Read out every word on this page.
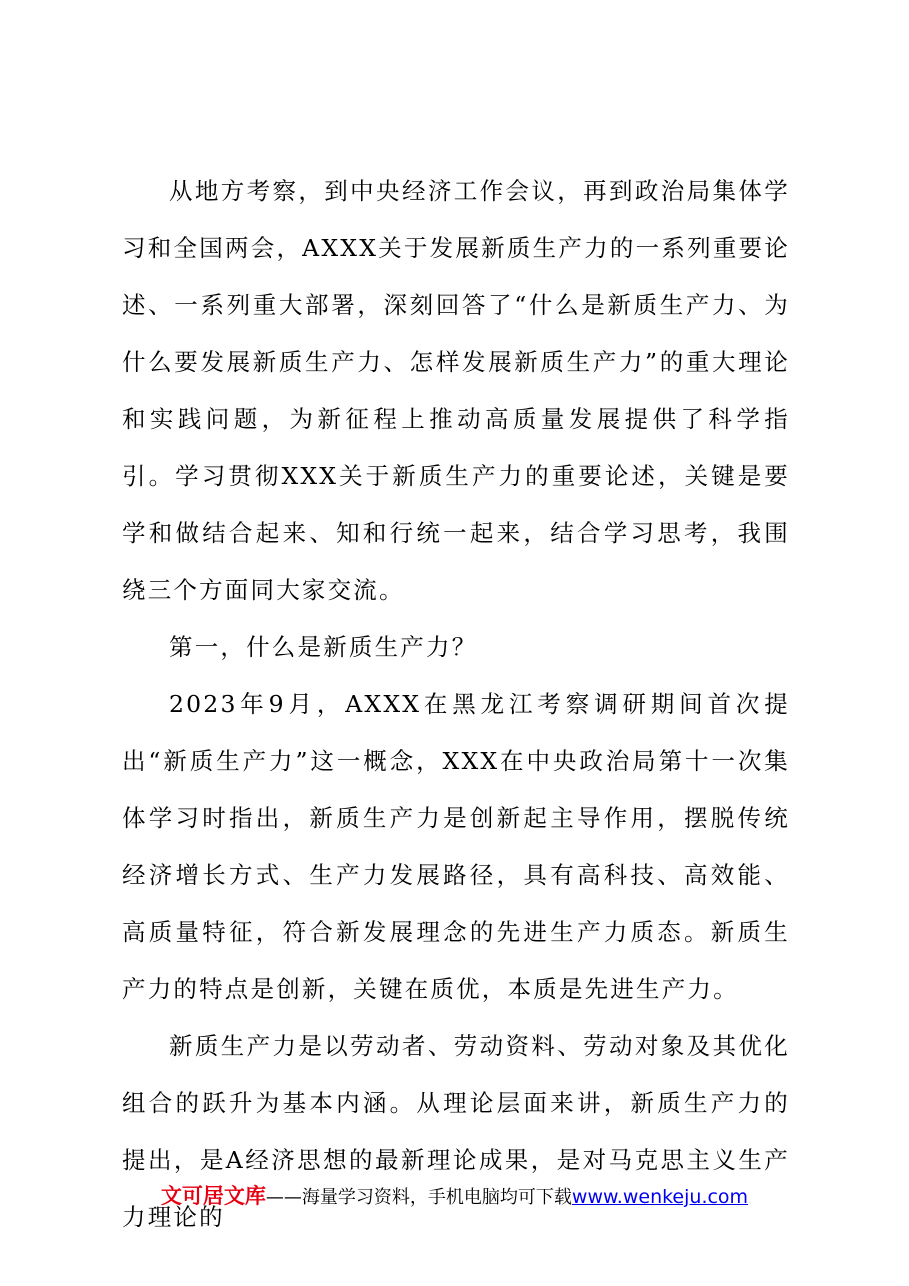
从地方考察，到中央经济工作会议，再到政治局集体学习和全国两会，AXXX关于发展新质生产力的一系列重要论述、一系列重大部署，深刻回答了“什么是新质生产力、为什么要发展新质生产力、怎样发展新质生产力”的重大理论和实践问题，为新征程上推动高质量发展提供了科学指引。学习贯彻XXX关于新质生产力的重要论述，关键是要学和做结合起来、知和行统一起来，结合学习思考，我围绕三个方面同大家交流。

第一，什么是新质生产力？

2023年9月，AXXX在黑龙江考察调研期间首次提出“新质生产力”这一概念，XXX在中央政治局第十一次集体学习时指出，新质生产力是创新起主导作用，摆脱传统经济增长方式、生产力发展路径，具有高科技、高效能、高质量特征，符合新发展理念的先进生产力质态。新质生产力的特点是创新，关键在质优，本质是先进生产力。

新质生产力是以劳动者、劳动资料、劳动对象及其优化组合的跃升为基本内涵。从理论层面来讲，新质生产力的提出，是A经济思想的最新理论成果，是对马克思主义生产力理论的

文可居文库——海量学习资料，手机电脑均可下载www.wenkeju.com
